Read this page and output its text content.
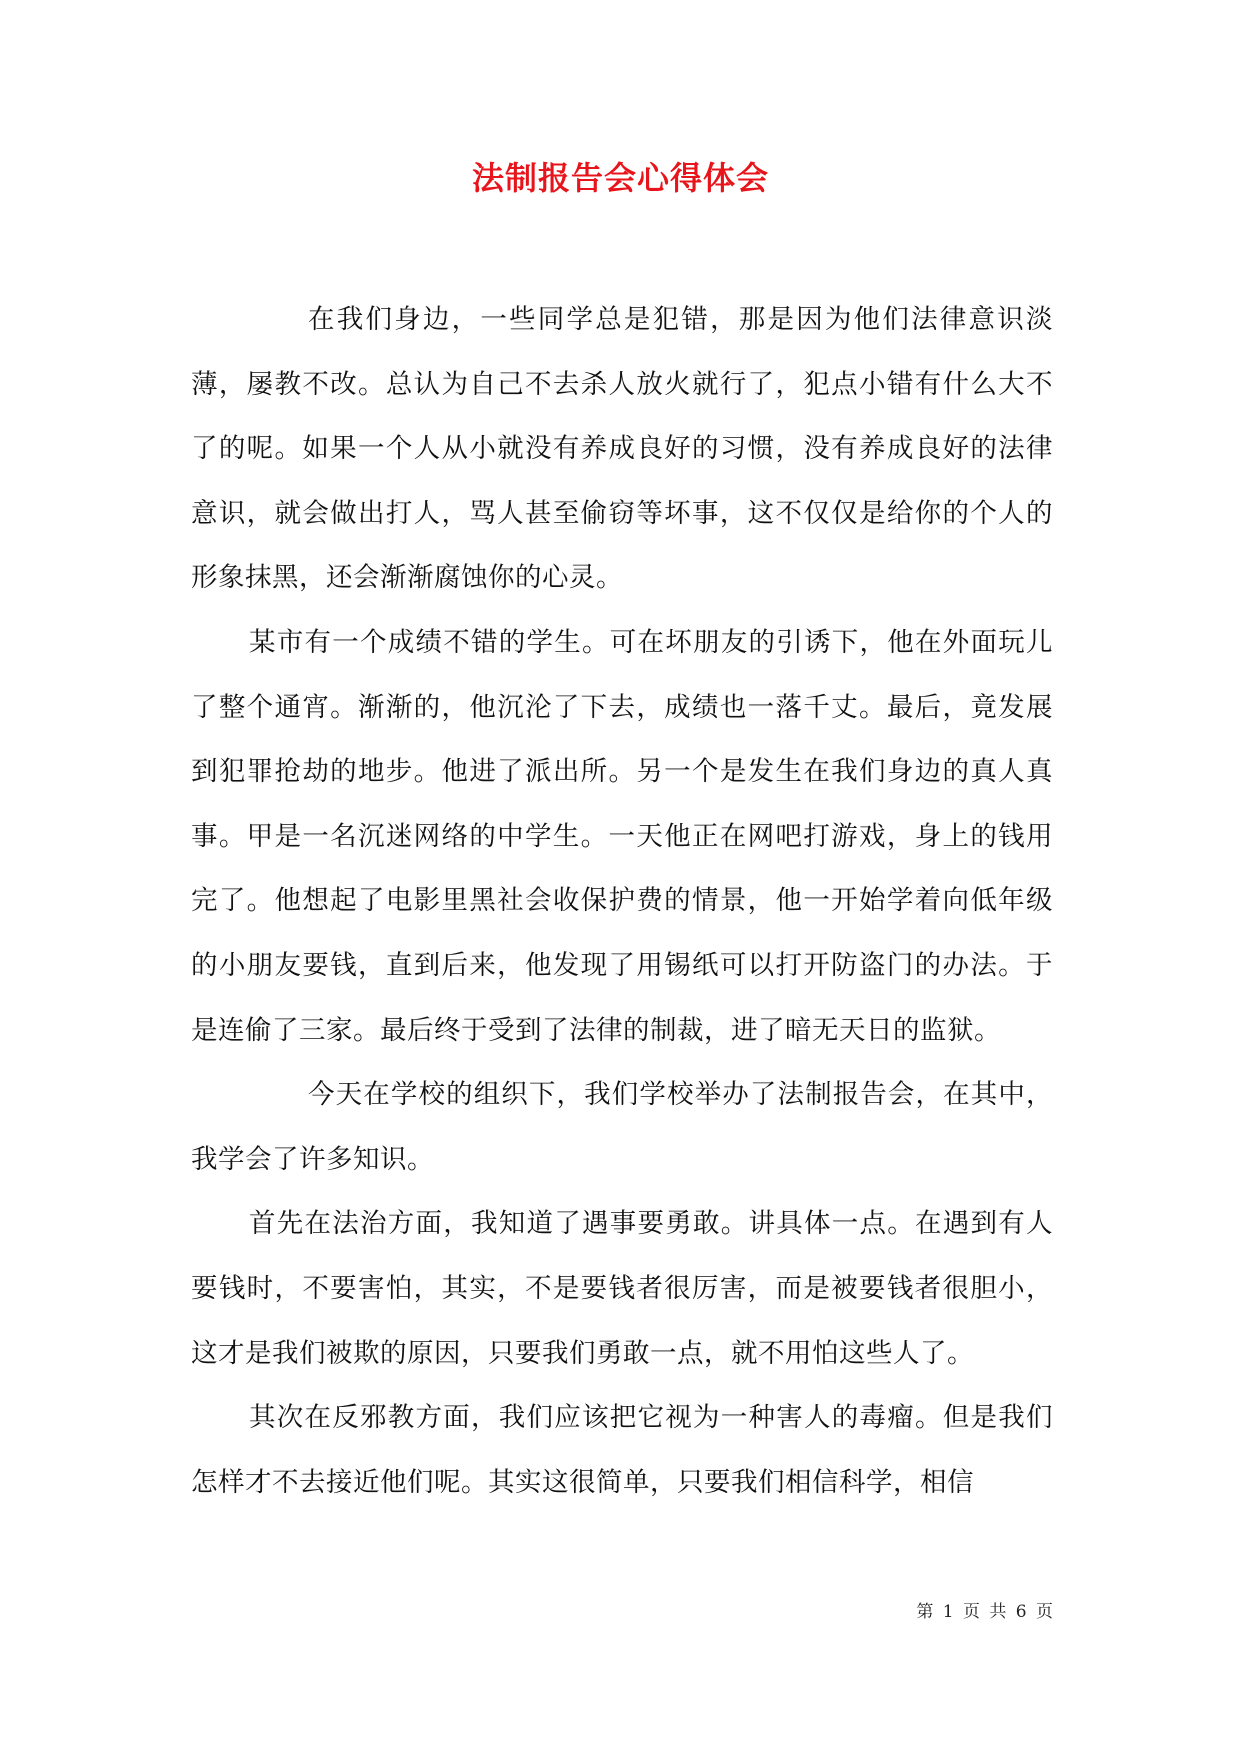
法制报告会心得体会

在我们身边，一些同学总是犯错，那是因为他们法律意识淡薄，屡教不改。总认为自己不去杀人放火就行了，犯点小错有什么大不了的呢。如果一个人从小就没有养成良好的习惯，没有养成良好的法律意识，就会做出打人，骂人甚至偷窃等坏事，这不仅仅是给你的个人的形象抹黑，还会渐渐腐蚀你的心灵。

某市有一个成绩不错的学生。可在坏朋友的引诱下，他在外面玩儿了整个通宵。渐渐的，他沉沦了下去，成绩也一落千丈。最后，竟发展到犯罪抢劫的地步。他进了派出所。另一个是发生在我们身边的真人真事。甲是一名沉迷网络的中学生。一天他正在网吧打游戏，身上的钱用完了。他想起了电影里黑社会收保护费的情景，他一开始学着向低年级的小朋友要钱，直到后来，他发现了用锡纸可以打开防盗门的办法。于是连偷了三家。最后终于受到了法律的制裁，进了暗无天日的监狱。

今天在学校的组织下，我们学校举办了法制报告会，在其中，我学会了许多知识。

首先在法治方面，我知道了遇事要勇敢。讲具体一点。在遇到有人要钱时，不要害怕，其实，不是要钱者很厉害，而是被要钱者很胆小，这才是我们被欺的原因，只要我们勇敢一点，就不用怕这些人了。

其次在反邪教方面，我们应该把它视为一种害人的毒瘤。但是我们怎样才不去接近他们呢。其实这很简单，只要我们相信科学，相信

第 1 页 共 6 页
